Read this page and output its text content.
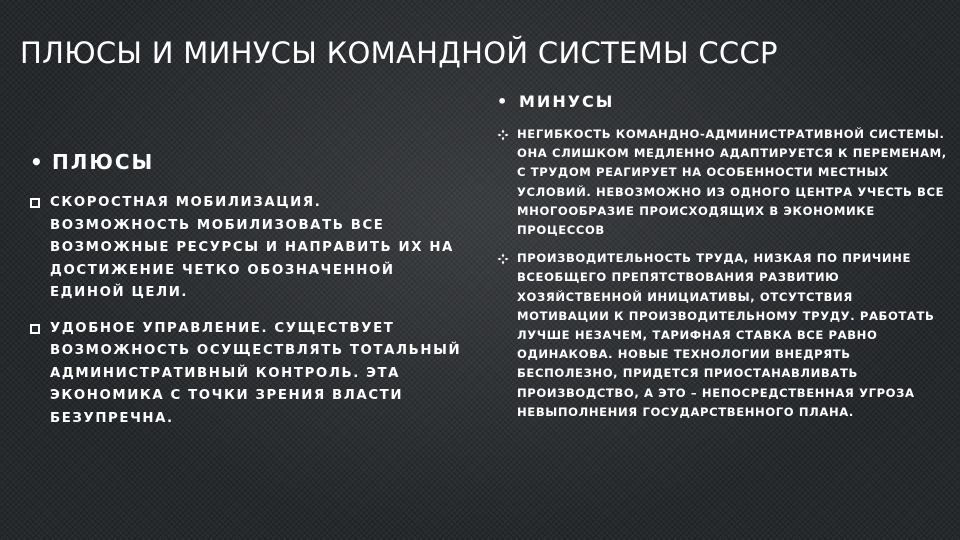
ПЛЮСЫ И МИНУСЫ КОМАНДНОЙ СИСТЕМЫ СССР
• ПЛЮСЫ
СКОРОСТНАЯ МОБИЛИЗАЦИЯ. ВОЗМОЖНОСТЬ МОБИЛИЗОВАТЬ ВСЕ ВОЗМОЖНЫЕ РЕСУРСЫ И НАПРАВИТЬ ИХ НА ДОСТИЖЕНИЕ ЧЕТКО ОБОЗНАЧЕННОЙ ЕДИНОЙ ЦЕЛИ.
УДОБНОЕ УПРАВЛЕНИЕ. СУЩЕСТВУЕТ ВОЗМОЖНОСТЬ ОСУЩЕСТВЛЯТЬ ТОТАЛЬНЫЙ АДМИНИСТРАТИВНЫЙ КОНТРОЛЬ. ЭТА ЭКОНОМИКА С ТОЧКИ ЗРЕНИЯ ВЛАСТИ БЕЗУПРЕЧНА.
• МИНУСЫ
НЕГИБКОСТЬ КОМАНДНО-АДМИНИСТРАТИВНОЙ СИСТЕМЫ. ОНА СЛИШКОМ МЕДЛЕННО АДАПТИРУЕТСЯ К ПЕРЕМЕНАМ, С ТРУДОМ РЕАГИРУЕТ НА ОСОБЕННОСТИ МЕСТНЫХ УСЛОВИЙ. НЕВОЗМОЖНО ИЗ ОДНОГО ЦЕНТРА УЧЕСТЬ ВСЕ МНОГООБРАЗИЕ ПРОИСХОДЯЩИХ В ЭКОНОМИКЕ ПРОЦЕССОВ
ПРОИЗВОДИТЕЛЬНОСТЬ ТРУДА, НИЗКАЯ ПО ПРИЧИНЕ ВСЕОБЩЕГО ПРЕПЯТСТВОВАНИЯ РАЗВИТИЮ ХОЗЯЙСТВЕННОЙ ИНИЦИАТИВЫ, ОТСУТСТВИЯ МОТИВАЦИИ К ПРОИЗВОДИТЕЛЬНОМУ ТРУДУ. РАБОТАТЬ ЛУЧШЕ НЕЗАЧЕМ, ТАРИФНАЯ СТАВКА ВСЕ РАВНО ОДИНАКОВА. НОВЫЕ ТЕХНОЛОГИИ ВНЕДРЯТЬ БЕСПОЛЕЗНО, ПРИДЕТСЯ ПРИОСТАНАВЛИВАТЬ ПРОИЗВОДСТВО, А ЭТО – НЕПОСРЕДСТВЕННАЯ УГРОЗА НЕВЫПОЛНЕНИЯ ГОСУДАРСТВЕННОГО ПЛАНА.
